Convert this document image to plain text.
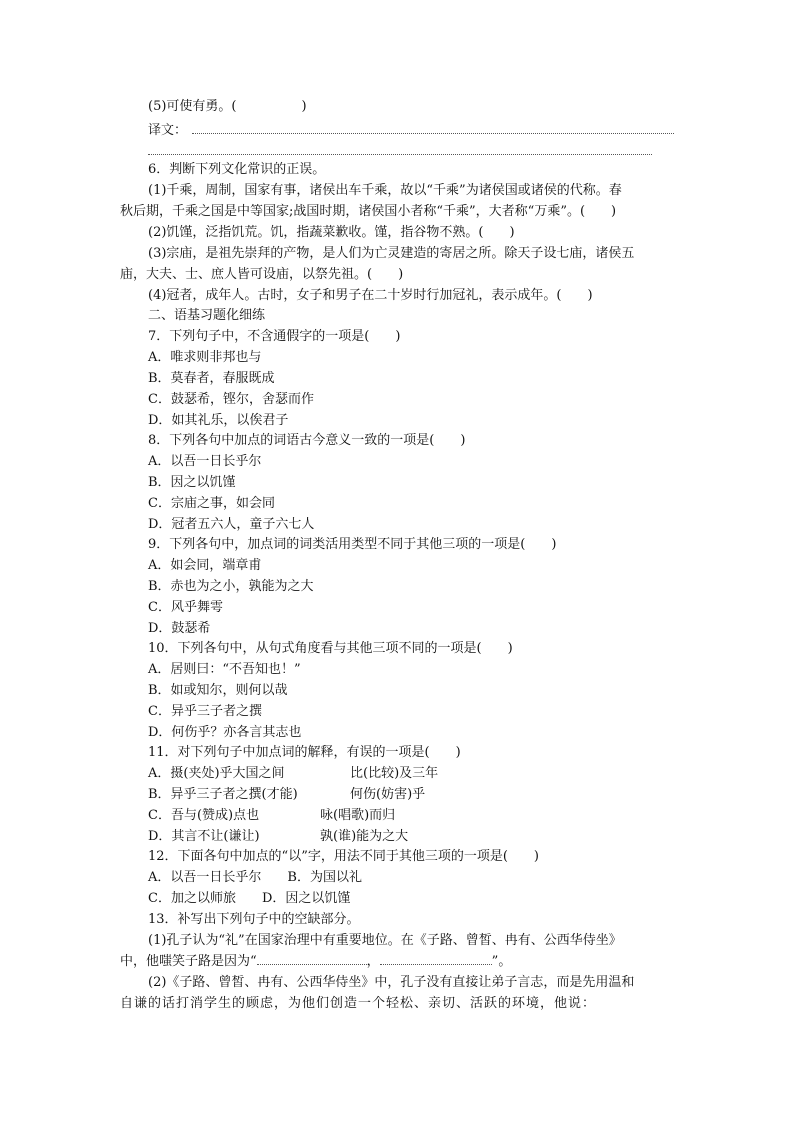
(5)可使有勇。(　　　　　)
译文：
6．判断下列文化常识的正误。
(1)千乘，周制，国家有事，诸侯出车千乘，故以“千乘”为诸侯国或诸侯的代称。春
秋后期，千乘之国是中等国家;战国时期，诸侯国小者称“千乘”，大者称“万乘”。(　　)
(2)饥馑，泛指饥荒。饥，指蔬菜歉收。馑，指谷物不熟。(　　)
(3)宗庙，是祖先崇拜的产物，是人们为亡灵建造的寄居之所。除天子设七庙，诸侯五
庙，大夫、士、庶人皆可设庙，以祭先祖。(　　)
(4)冠者，成年人。古时，女子和男子在二十岁时行加冠礼，表示成年。(　　)
二、语基习题化细练
7．下列句子中，不含通假字的一项是(　　)
A．唯求则非邦也与
B．莫春者，春服既成
C．鼓瑟希，铿尔，舍瑟而作
D．如其礼乐，以俟君子
8．下列各句中加点的词语古今意义一致的一项是(　　)
A．以吾一日长乎尔
B．因之以饥馑
C．宗庙之事，如会同
D．冠者五六人，童子六七人
9．下列各句中，加点词的词类活用类型不同于其他三项的一项是(　　)
A．如会同，端章甫
B．赤也为之小，孰能为之大
C．风乎舞雩
D．鼓瑟希
10．下列各句中，从句式角度看与其他三项不同的一项是(　　)
A．居则曰：“不吾知也！”
B．如或知尔，则何以哉
C．异乎三子者之撰
D．何伤乎？亦各言其志也
11．对下列句子中加点词的解释，有误的一项是(　　)
A．摄(夹处)乎大国之间	比(比较)及三年
B．异乎三子者之撰(才能)	何伤(妨害)乎
C．吾与(赞成)点也	咏(唱歌)而归
D．其言不让(谦让)	孰(谁)能为之大
12．下面各句中加点的“以”字，用法不同于其他三项的一项是(　　)
A．以吾一日长乎尔　　B．为国以礼
C．加之以师旅　　D．因之以饥馑
13．补写出下列句子中的空缺部分。
(1)孔子认为“礼”在国家治理中有重要地位。在《子路、曾皙、冉有、公西华侍坐》
中，他嗤笑子路是因为“	，	”。
(2)《子路、曾皙、冉有、公西华侍坐》中，孔子没有直接让弟子言志，而是先用温和
自谦的话打消学生的顾虑，为他们创造一个轻松、亲切、活跃的环境，他说：
